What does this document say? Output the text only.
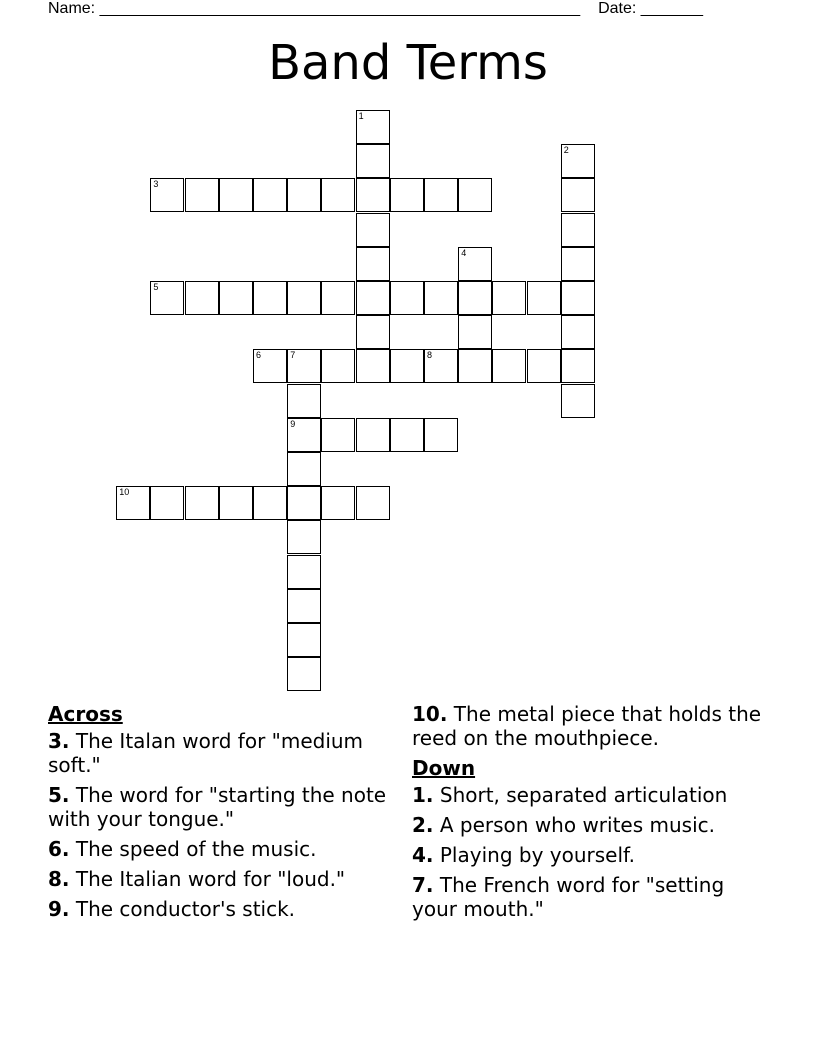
Name: ______________________________________________________ Date: _______
Band Terms
1
2
3
4
5
6	7
9
8
10
Across
3. The Italan word for "medium soft."
5. The word for "starting the note with your tongue."
6. The speed of the music.
8. The Italian word for "loud."
9. The conductor's stick.
10. The metal piece that holds the reed on the mouthpiece.
Down
1. Short, separated articulation
2. A person who writes music.
4. Playing by yourself.
7. The French word for "setting your mouth."
